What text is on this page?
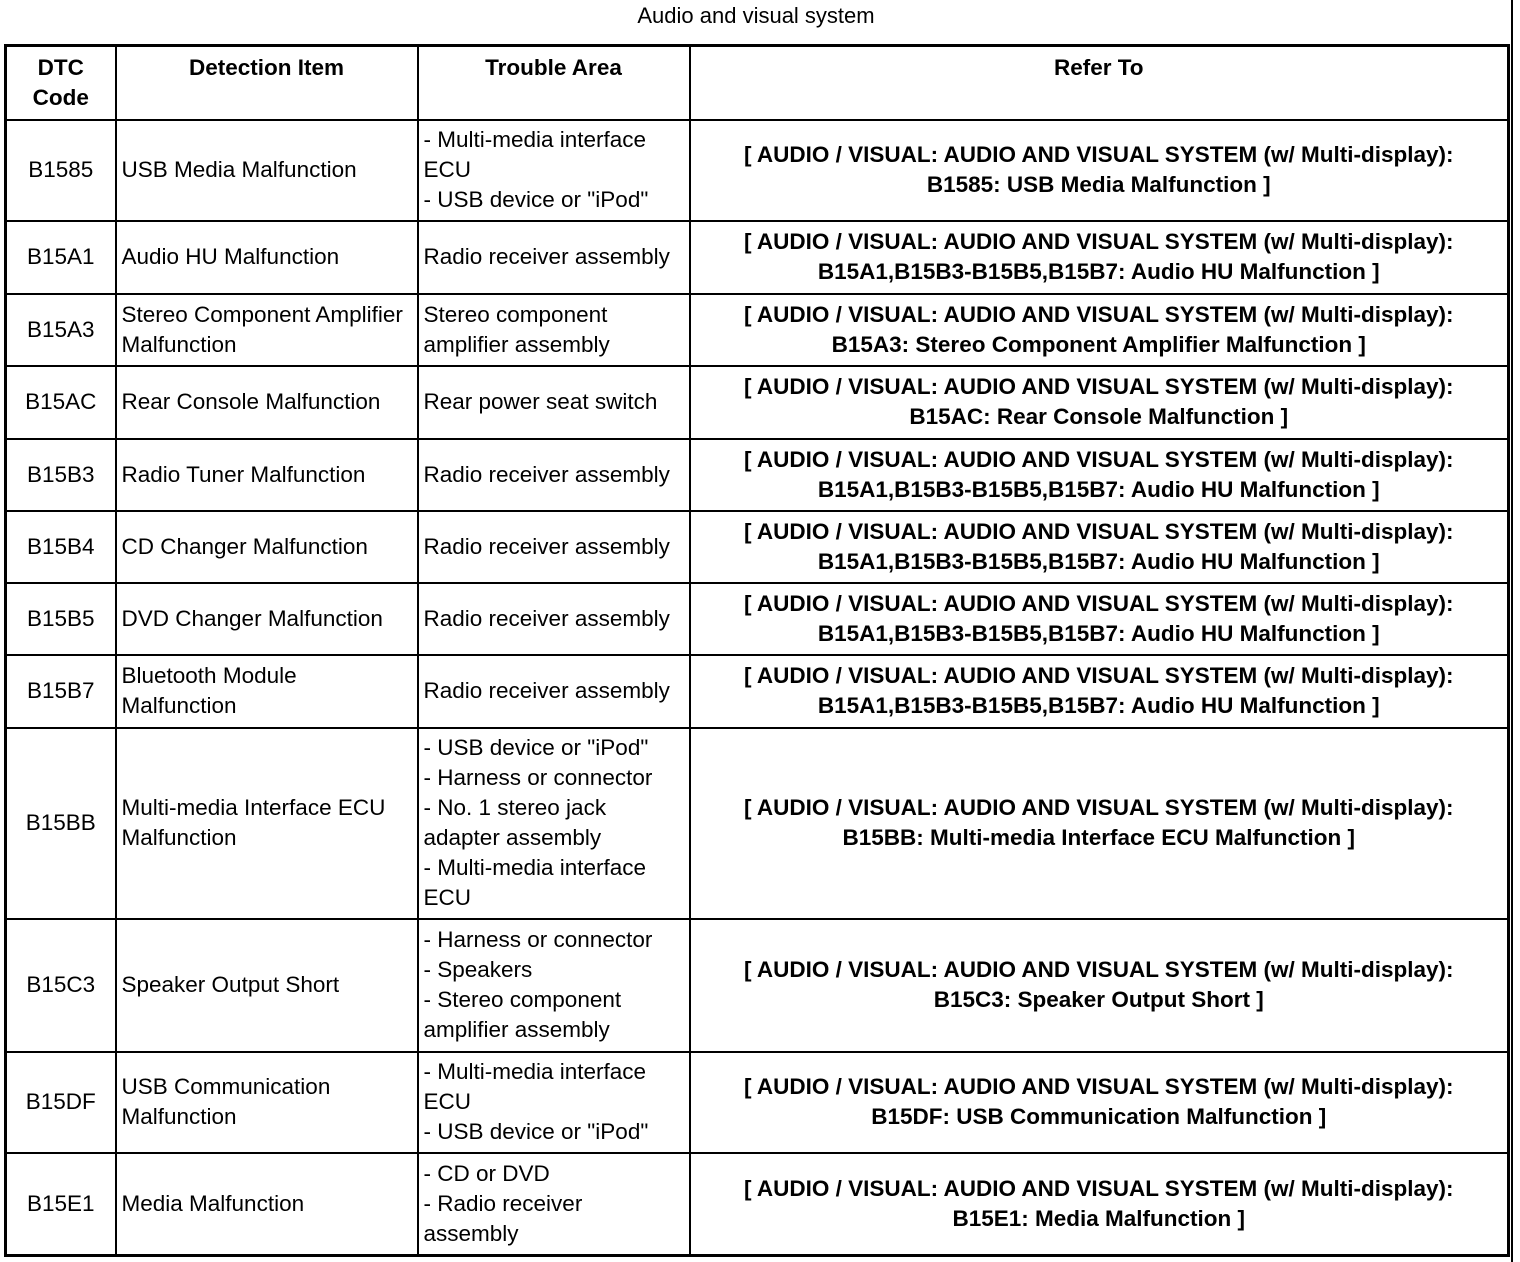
Audio and visual system
DTC
Code	Detection Item	Trouble Area	Refer To
B1585	USB Media Malfunction	- Multi-media interface ECU
- USB device or "iPod"	[ AUDIO / VISUAL: AUDIO AND VISUAL SYSTEM (w/ Multi-display):
B1585: USB Media Malfunction ]

B15A1	Audio HU Malfunction	Radio receiver assembly	[ AUDIO / VISUAL: AUDIO AND VISUAL SYSTEM (w/ Multi-display):
B15A1,B15B3-B15B5,B15B7: Audio HU Malfunction ]

B15A3	Stereo Component Amplifier Malfunction	Stereo component amplifier assembly	[ AUDIO / VISUAL: AUDIO AND VISUAL SYSTEM (w/ Multi-display):
B15A3: Stereo Component Amplifier Malfunction ]

B15AC	Rear Console Malfunction	Rear power seat switch	[ AUDIO / VISUAL: AUDIO AND VISUAL SYSTEM (w/ Multi-display):
B15AC: Rear Console Malfunction ]

B15B3	Radio Tuner Malfunction	Radio receiver assembly	[ AUDIO / VISUAL: AUDIO AND VISUAL SYSTEM (w/ Multi-display):
B15A1,B15B3-B15B5,B15B7: Audio HU Malfunction ]

B15B4	CD Changer Malfunction	Radio receiver assembly	[ AUDIO / VISUAL: AUDIO AND VISUAL SYSTEM (w/ Multi-display):
B15A1,B15B3-B15B5,B15B7: Audio HU Malfunction ]

B15B5	DVD Changer Malfunction	Radio receiver assembly	[ AUDIO / VISUAL: AUDIO AND VISUAL SYSTEM (w/ Multi-display):
B15A1,B15B3-B15B5,B15B7: Audio HU Malfunction ]

B15B7	Bluetooth Module Malfunction	Radio receiver assembly	[ AUDIO / VISUAL: AUDIO AND VISUAL SYSTEM (w/ Multi-display):
B15A1,B15B3-B15B5,B15B7: Audio HU Malfunction ]

B15BB	Multi-media Interface ECU Malfunction	- USB device or "iPod"
- Harness or connector
- No. 1 stereo jack adapter assembly
- Multi-media interface ECU	[ AUDIO / VISUAL: AUDIO AND VISUAL SYSTEM (w/ Multi-display):
B15BB: Multi-media Interface ECU Malfunction ]

B15C3	Speaker Output Short	- Harness or connector
- Speakers
- Stereo component amplifier assembly	[ AUDIO / VISUAL: AUDIO AND VISUAL SYSTEM (w/ Multi-display):
B15C3: Speaker Output Short ]

B15DF	USB Communication Malfunction	- Multi-media interface ECU
- USB device or "iPod"	[ AUDIO / VISUAL: AUDIO AND VISUAL SYSTEM (w/ Multi-display):
B15DF: USB Communication Malfunction ]

B15E1	Media Malfunction	- CD or DVD
- Radio receiver assembly	[ AUDIO / VISUAL: AUDIO AND VISUAL SYSTEM (w/ Multi-display):
B15E1: Media Malfunction ]
